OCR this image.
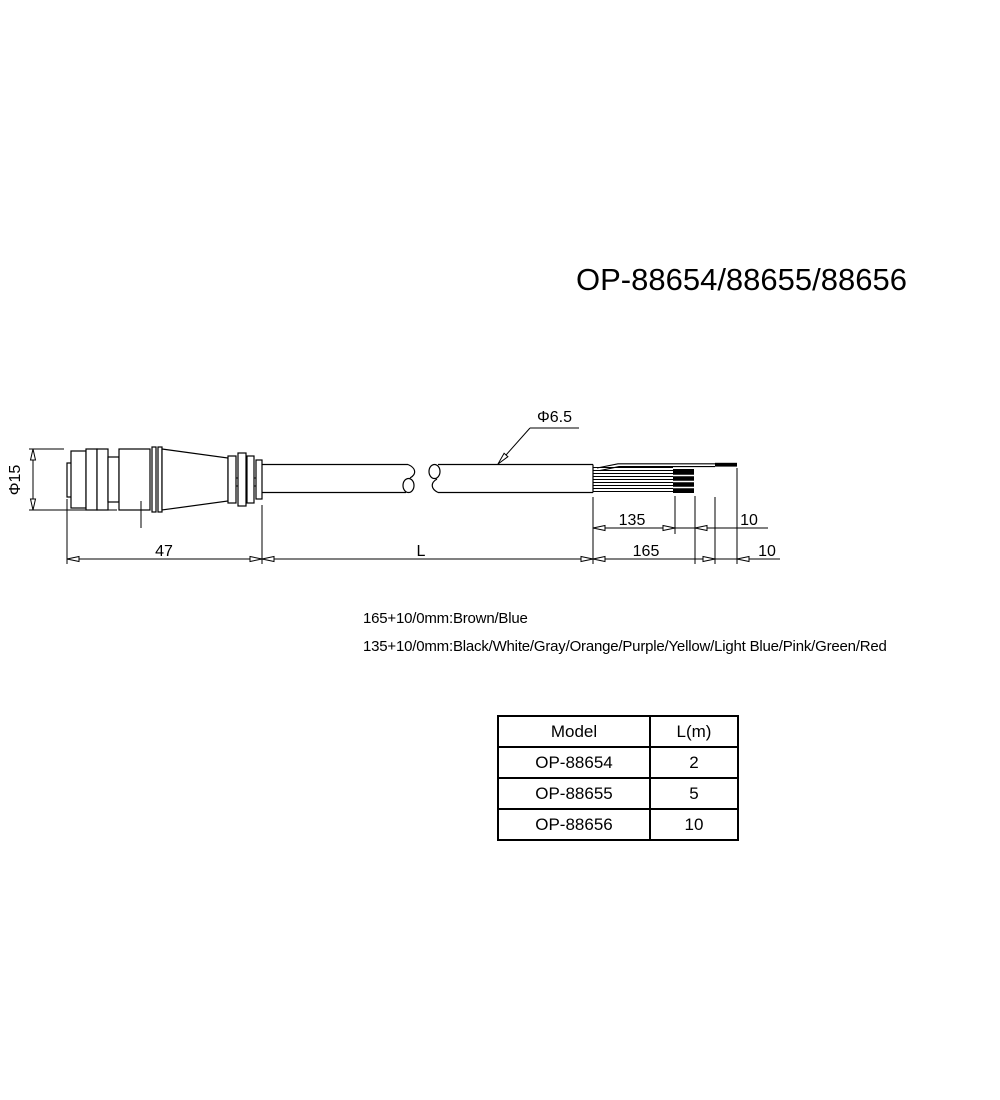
Φ15
Φ6.5
47	L	165	10
135	10
OP-88654/88655/88656
165+10/0mm:Brown/Blue
135+10/0mm:Black/White/Gray/Orange/Purple/Yellow/Light Blue/Pink/Green/Red
Model	L(m)
OP-88654	2
OP-88655	5
OP-88656	10
